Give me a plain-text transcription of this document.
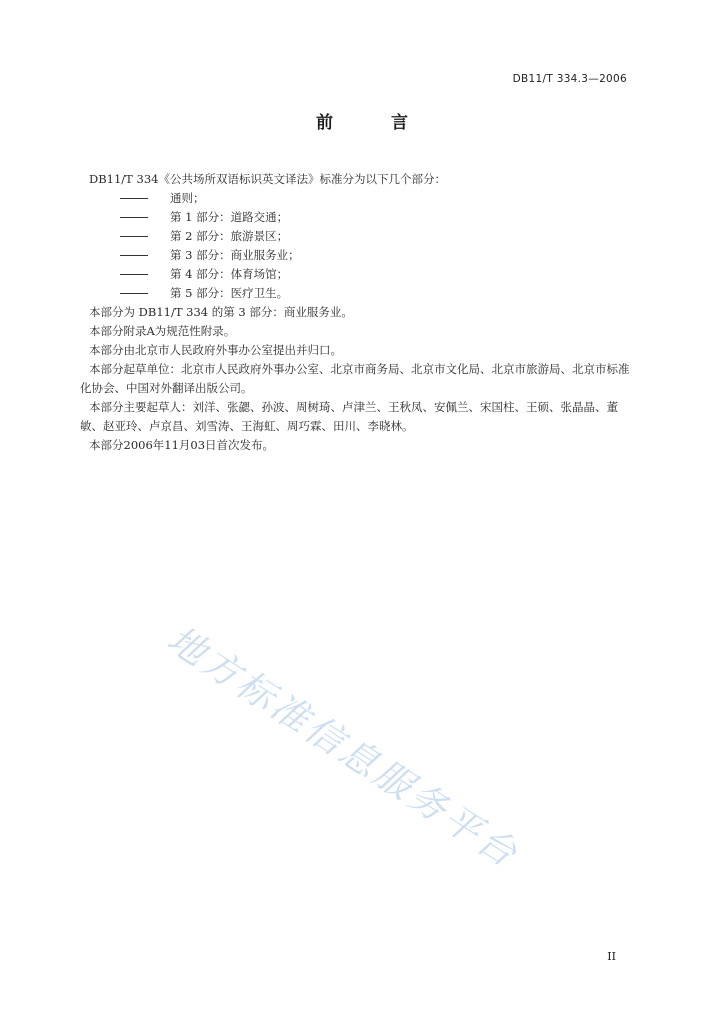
DB11/T 334.3—2006
前 言

DB11/T 334《公共场所双语标识英文译法》标准分为以下几个部分：

通则；

第 1 部分：道路交通；

第 2 部分：旅游景区；

第 3 部分：商业服务业；

第 4 部分：体育场馆；

第 5 部分：医疗卫生。

本部分为 DB11/T 334 的第 3 部分：商业服务业。

本部分附录A为规范性附录。

本部分由北京市人民政府外事办公室提出并归口。

本部分起草单位：北京市人民政府外事办公室、北京市商务局、北京市文化局、北京市旅游局、北京市标准化协会、中国对外翻译出版公司。

本部分主要起草人：刘洋、张勰、孙波、周树琦、卢津兰、王秋凤、安佩兰、宋国柱、王硕、张晶晶、董敏、赵亚玲、卢京昌、刘雪涛、王海虹、周巧霖、田川、李晓林。

本部分2006年11月03日首次发布。

地方标准信息服务平台
II
